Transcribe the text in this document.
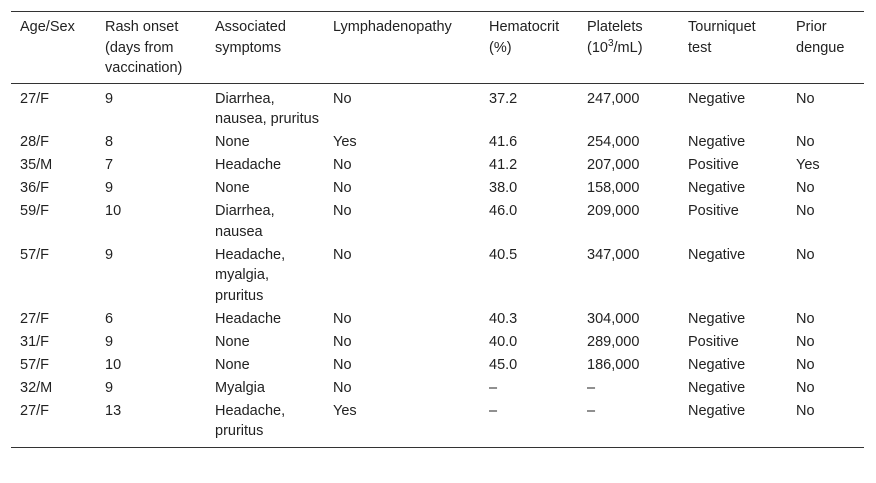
Age/Sex	Rash onset (days from vaccination)	Associated symptoms	Lymphadenopathy	Hematocrit (%)	Platelets $(10^3/mL)$	Tourniquet test	Prior dengue
27/F	9	Diarrhea, nausea, pruritus	No	37.2	247,000	Negative	No
28/F	8	None	Yes	41.6	254,000	Negative	No
35/M	7	Headache	No	41.2	207,000	Positive	Yes
36/F	9	None	No	38.0	158,000	Negative	No
59/F	10	Diarrhea, nausea	No	46.0	209,000	Positive	No
57/F	9	Headache, myalgia, pruritus	No	40.5	347,000	Negative	No
27/F	6	Headache	No	40.3	304,000	Negative	No
31/F	9	None	No	40.0	289,000	Positive	No
57/F	10	None	No	45.0	186,000	Negative	No
32/M	9	Myalgia	No	–	–	Negative	No
27/F	13	Headache, pruritus	Yes	–	–	Negative	No
